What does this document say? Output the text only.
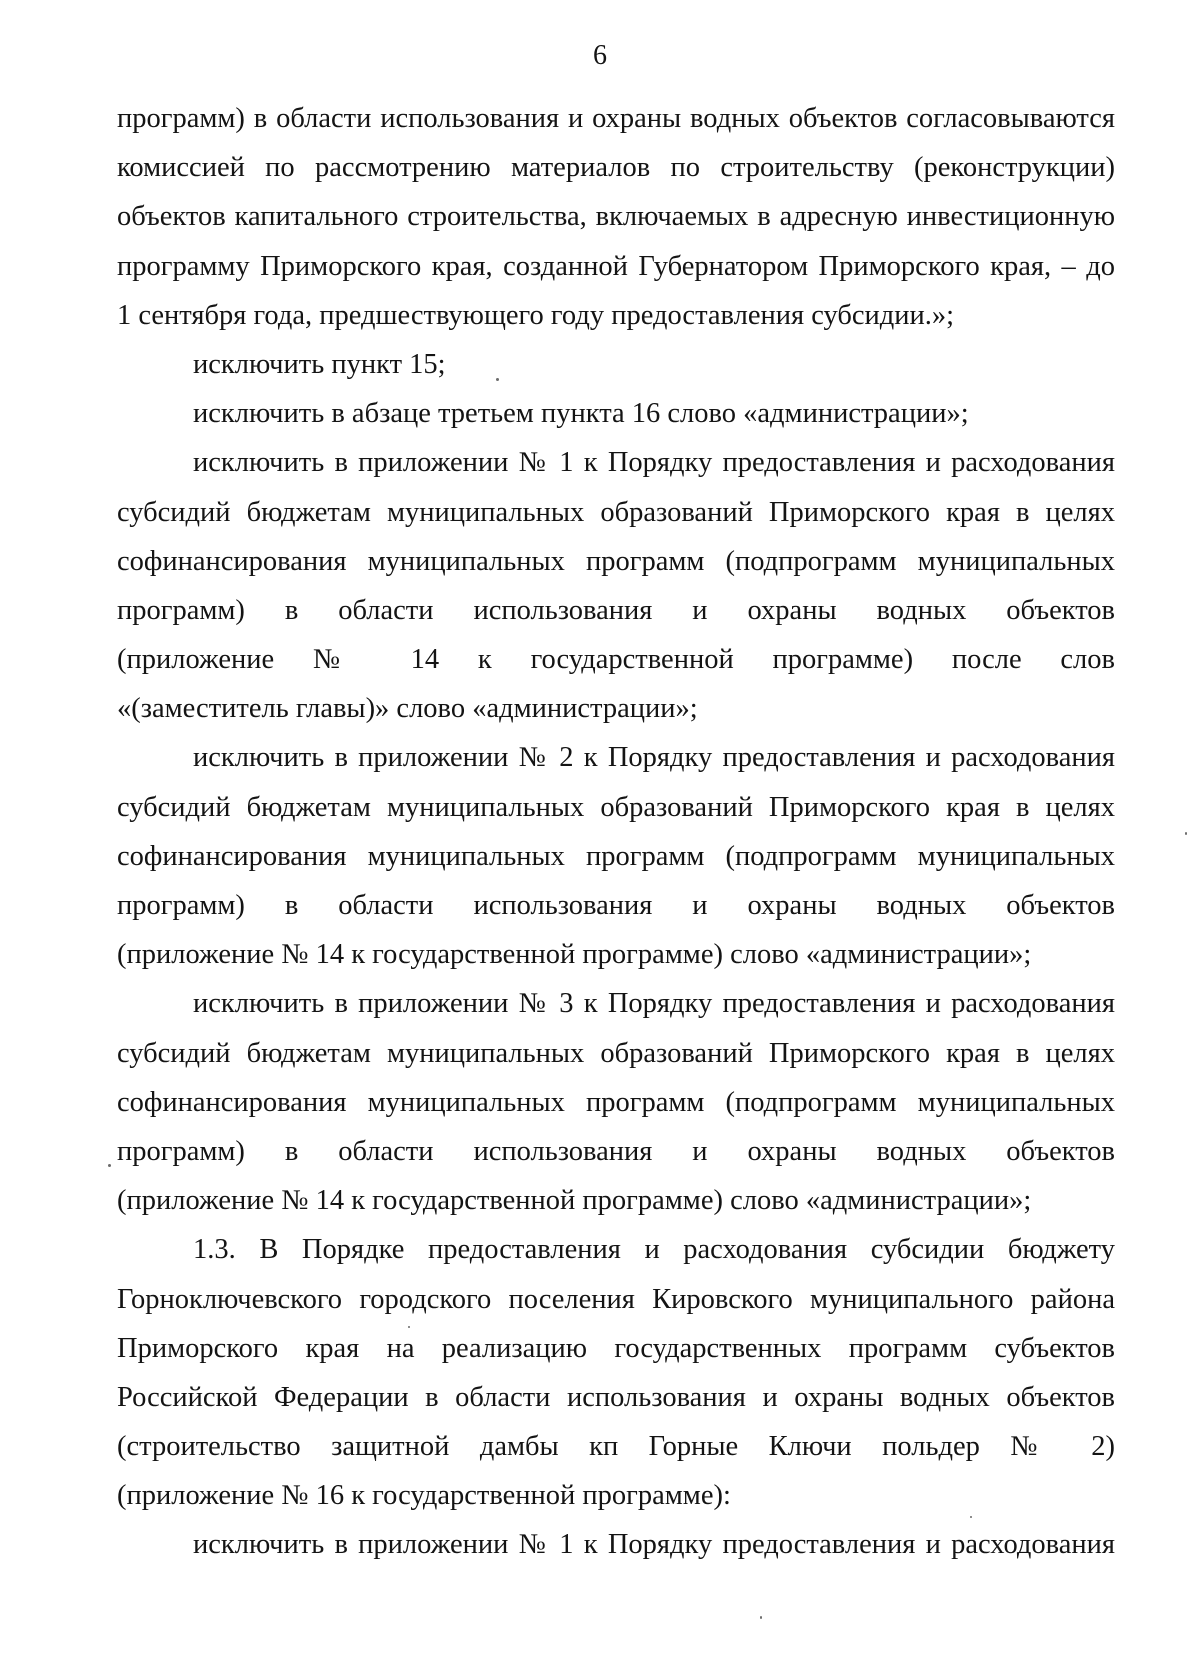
6
программ) в области использования и охраны водных объектов согласовываются
комиссией по рассмотрению материалов по строительству (реконструкции)
объектов капитального строительства, включаемых в адресную инвестиционную
программу Приморского края, созданной Губернатором Приморского края, – до
1 сентября года, предшествующего году предоставления субсидии.»;
исключить пункт 15;
исключить в абзаце третьем пункта 16 слово «администрации»;
исключить в приложении № 1 к Порядку предоставления и расходования
субсидий бюджетам муниципальных образований Приморского края в целях
софинансирования муниципальных программ (подпрограмм муниципальных
программ) в области использования и охраны водных объектов
(приложение № 14 к государственной программе) после слов
«(заместитель главы)» слово «администрации»;
исключить в приложении № 2 к Порядку предоставления и расходования
субсидий бюджетам муниципальных образований Приморского края в целях
софинансирования муниципальных программ (подпрограмм муниципальных
программ) в области использования и охраны водных объектов
(приложение № 14 к государственной программе) слово «администрации»;
исключить в приложении № 3 к Порядку предоставления и расходования
субсидий бюджетам муниципальных образований Приморского края в целях
софинансирования муниципальных программ (подпрограмм муниципальных
программ) в области использования и охраны водных объектов
(приложение № 14 к государственной программе) слово «администрации»;
1.3. В Порядке предоставления и расходования субсидии бюджету
Горноключевского городского поселения Кировского муниципального района
Приморского края на реализацию государственных программ субъектов
Российской Федерации в области использования и охраны водных объектов
(строительство защитной дамбы кп Горные Ключи польдер № 2)
(приложение № 16 к государственной программе):
исключить в приложении № 1 к Порядку предоставления и расходования
